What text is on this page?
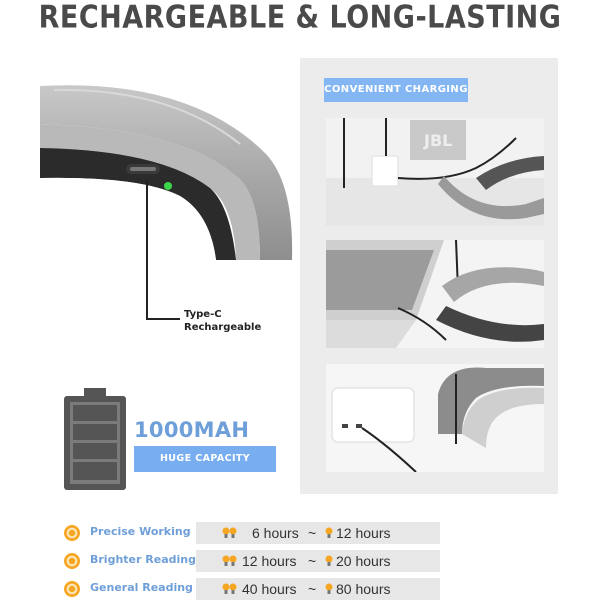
RECHARGEABLE & LONG-LASTING
Type-C
Rechargeable
1000MAH
HUGE CAPACITY BATTERY
CONVENIENT CHARGING
JBL
Precise Working	6 hours ~ 12 hours
Brighter Reading	12 hours ~ 20 hours
General Reading	40 hours ~ 80 hours
